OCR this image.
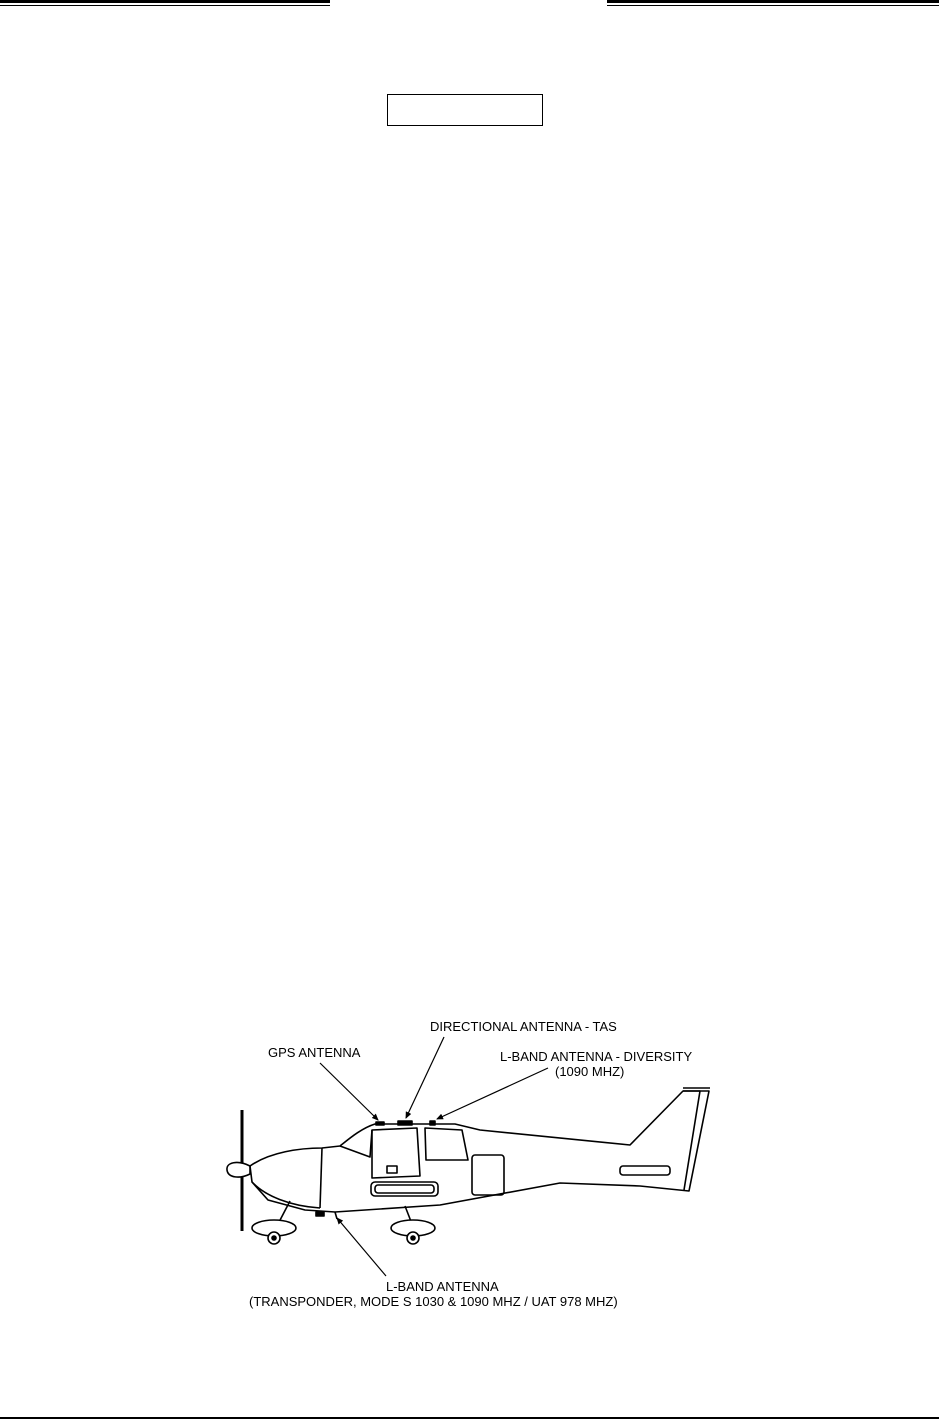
DIRECTIONAL ANTENNA - TAS
GPS ANTENNA	L-BAND ANTENNA - DIVERSITY
(1090 MHZ)
L-BAND ANTENNA
(TRANSPONDER, MODE S 1030 & 1090 MHZ / UAT 978 MHZ)
